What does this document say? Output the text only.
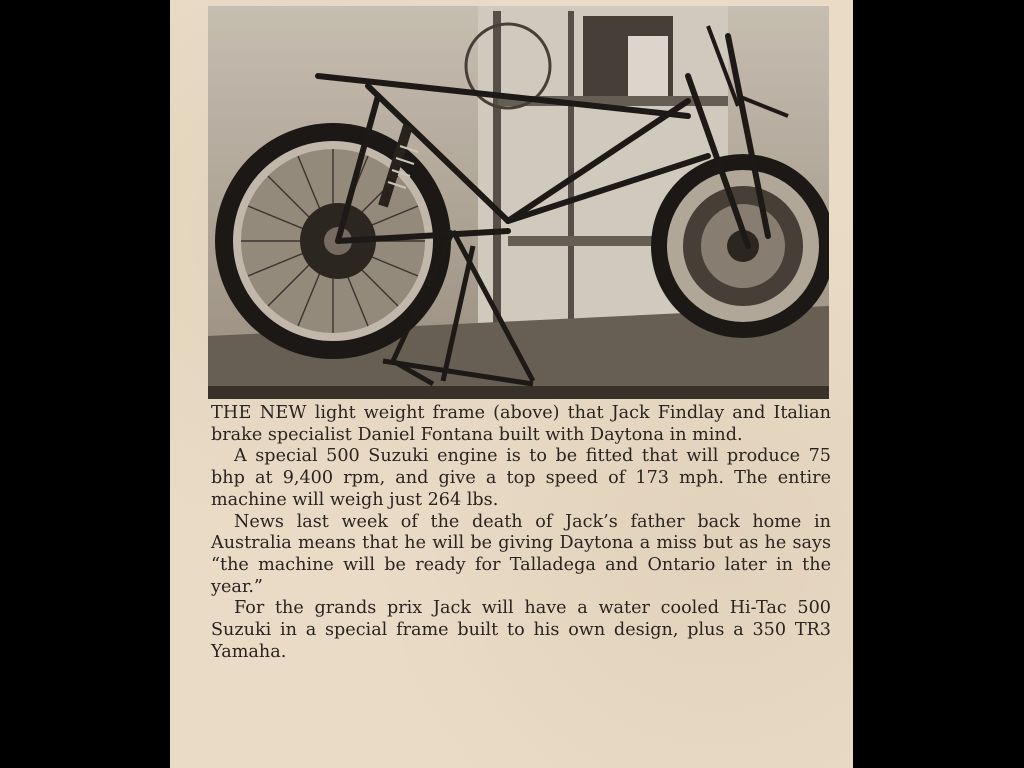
THE NEW light weight frame (above) that Jack Findlay and Italian brake specialist Daniel Fontana built with Daytona in mind.

A special 500 Suzuki engine is to be fitted that will produce 75 bhp at 9,400 rpm, and give a top speed of 173 mph. The entire machine will weigh just 264 lbs.

News last week of the death of Jack’s father back home in Australia means that he will be giving Daytona a miss but as he says “the machine will be ready for Talladega and Ontario later in the year.”

For the grands prix Jack will have a water cooled Hi-Tac 500 Suzuki in a special frame built to his own design, plus a 350 TR3 Yamaha.
